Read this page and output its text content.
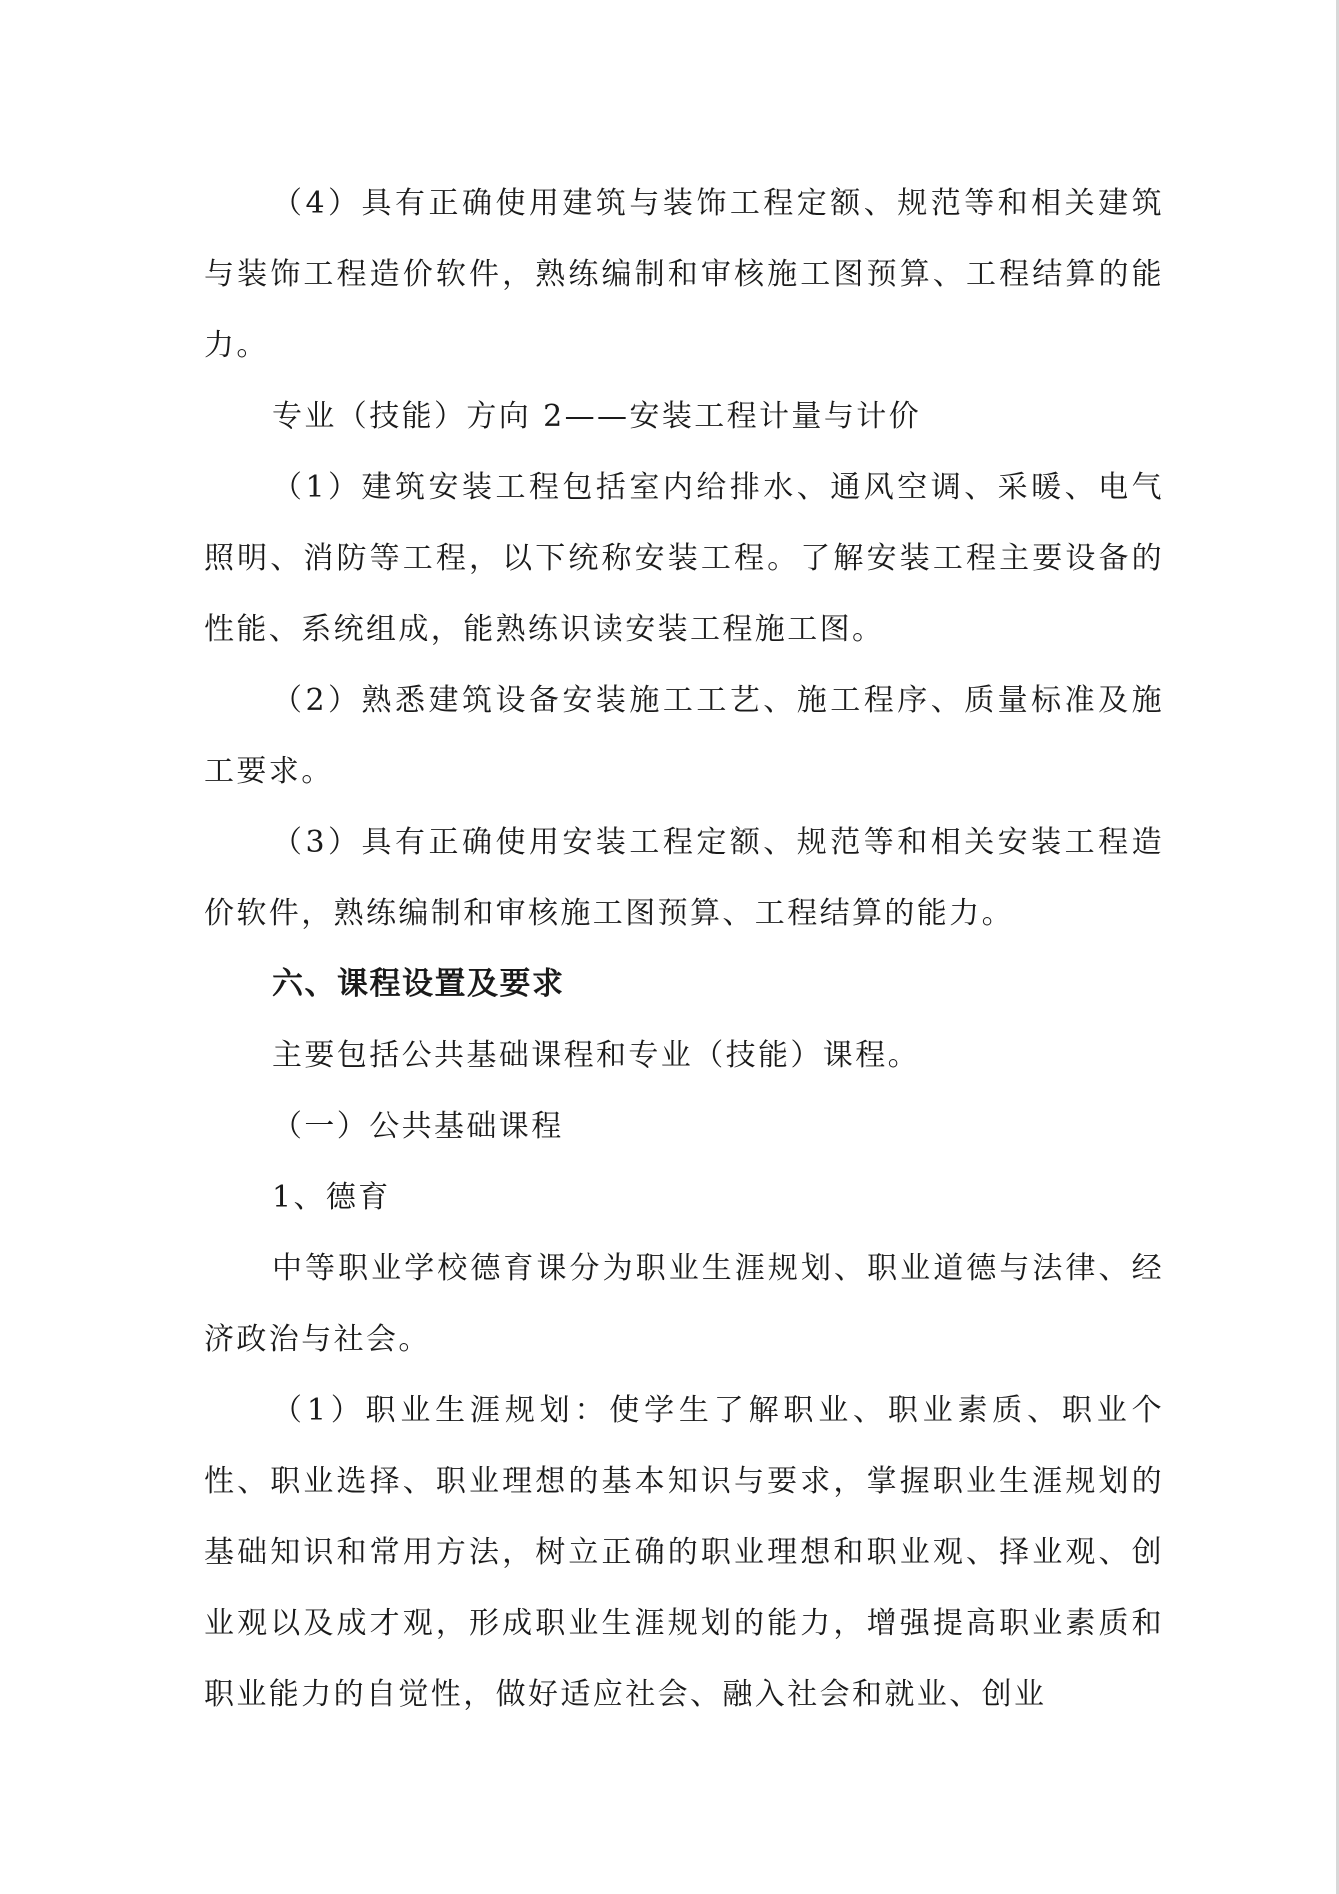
（4）具有正确使用建筑与装饰工程定额、规范等和相关建筑与装饰工程造价软件，熟练编制和审核施工图预算、工程结算的能力。

专业（技能）方向 2——安装工程计量与计价

（1）建筑安装工程包括室内给排水、通风空调、采暖、电气照明、消防等工程，以下统称安装工程。了解安装工程主要设备的性能、系统组成，能熟练识读安装工程施工图。

（2）熟悉建筑设备安装施工工艺、施工程序、质量标准及施工要求。

（3）具有正确使用安装工程定额、规范等和相关安装工程造价软件，熟练编制和审核施工图预算、工程结算的能力。

六、课程设置及要求

主要包括公共基础课程和专业（技能）课程。

（一）公共基础课程

1、德育

中等职业学校德育课分为职业生涯规划、职业道德与法律、经济政治与社会。

（1）职业生涯规划：使学生了解职业、职业素质、职业个性、职业选择、职业理想的基本知识与要求，掌握职业生涯规划的基础知识和常用方法，树立正确的职业理想和职业观、择业观、创业观以及成才观，形成职业生涯规划的能力，增强提高职业素质和职业能力的自觉性，做好适应社会、融入社会和就业、创业
